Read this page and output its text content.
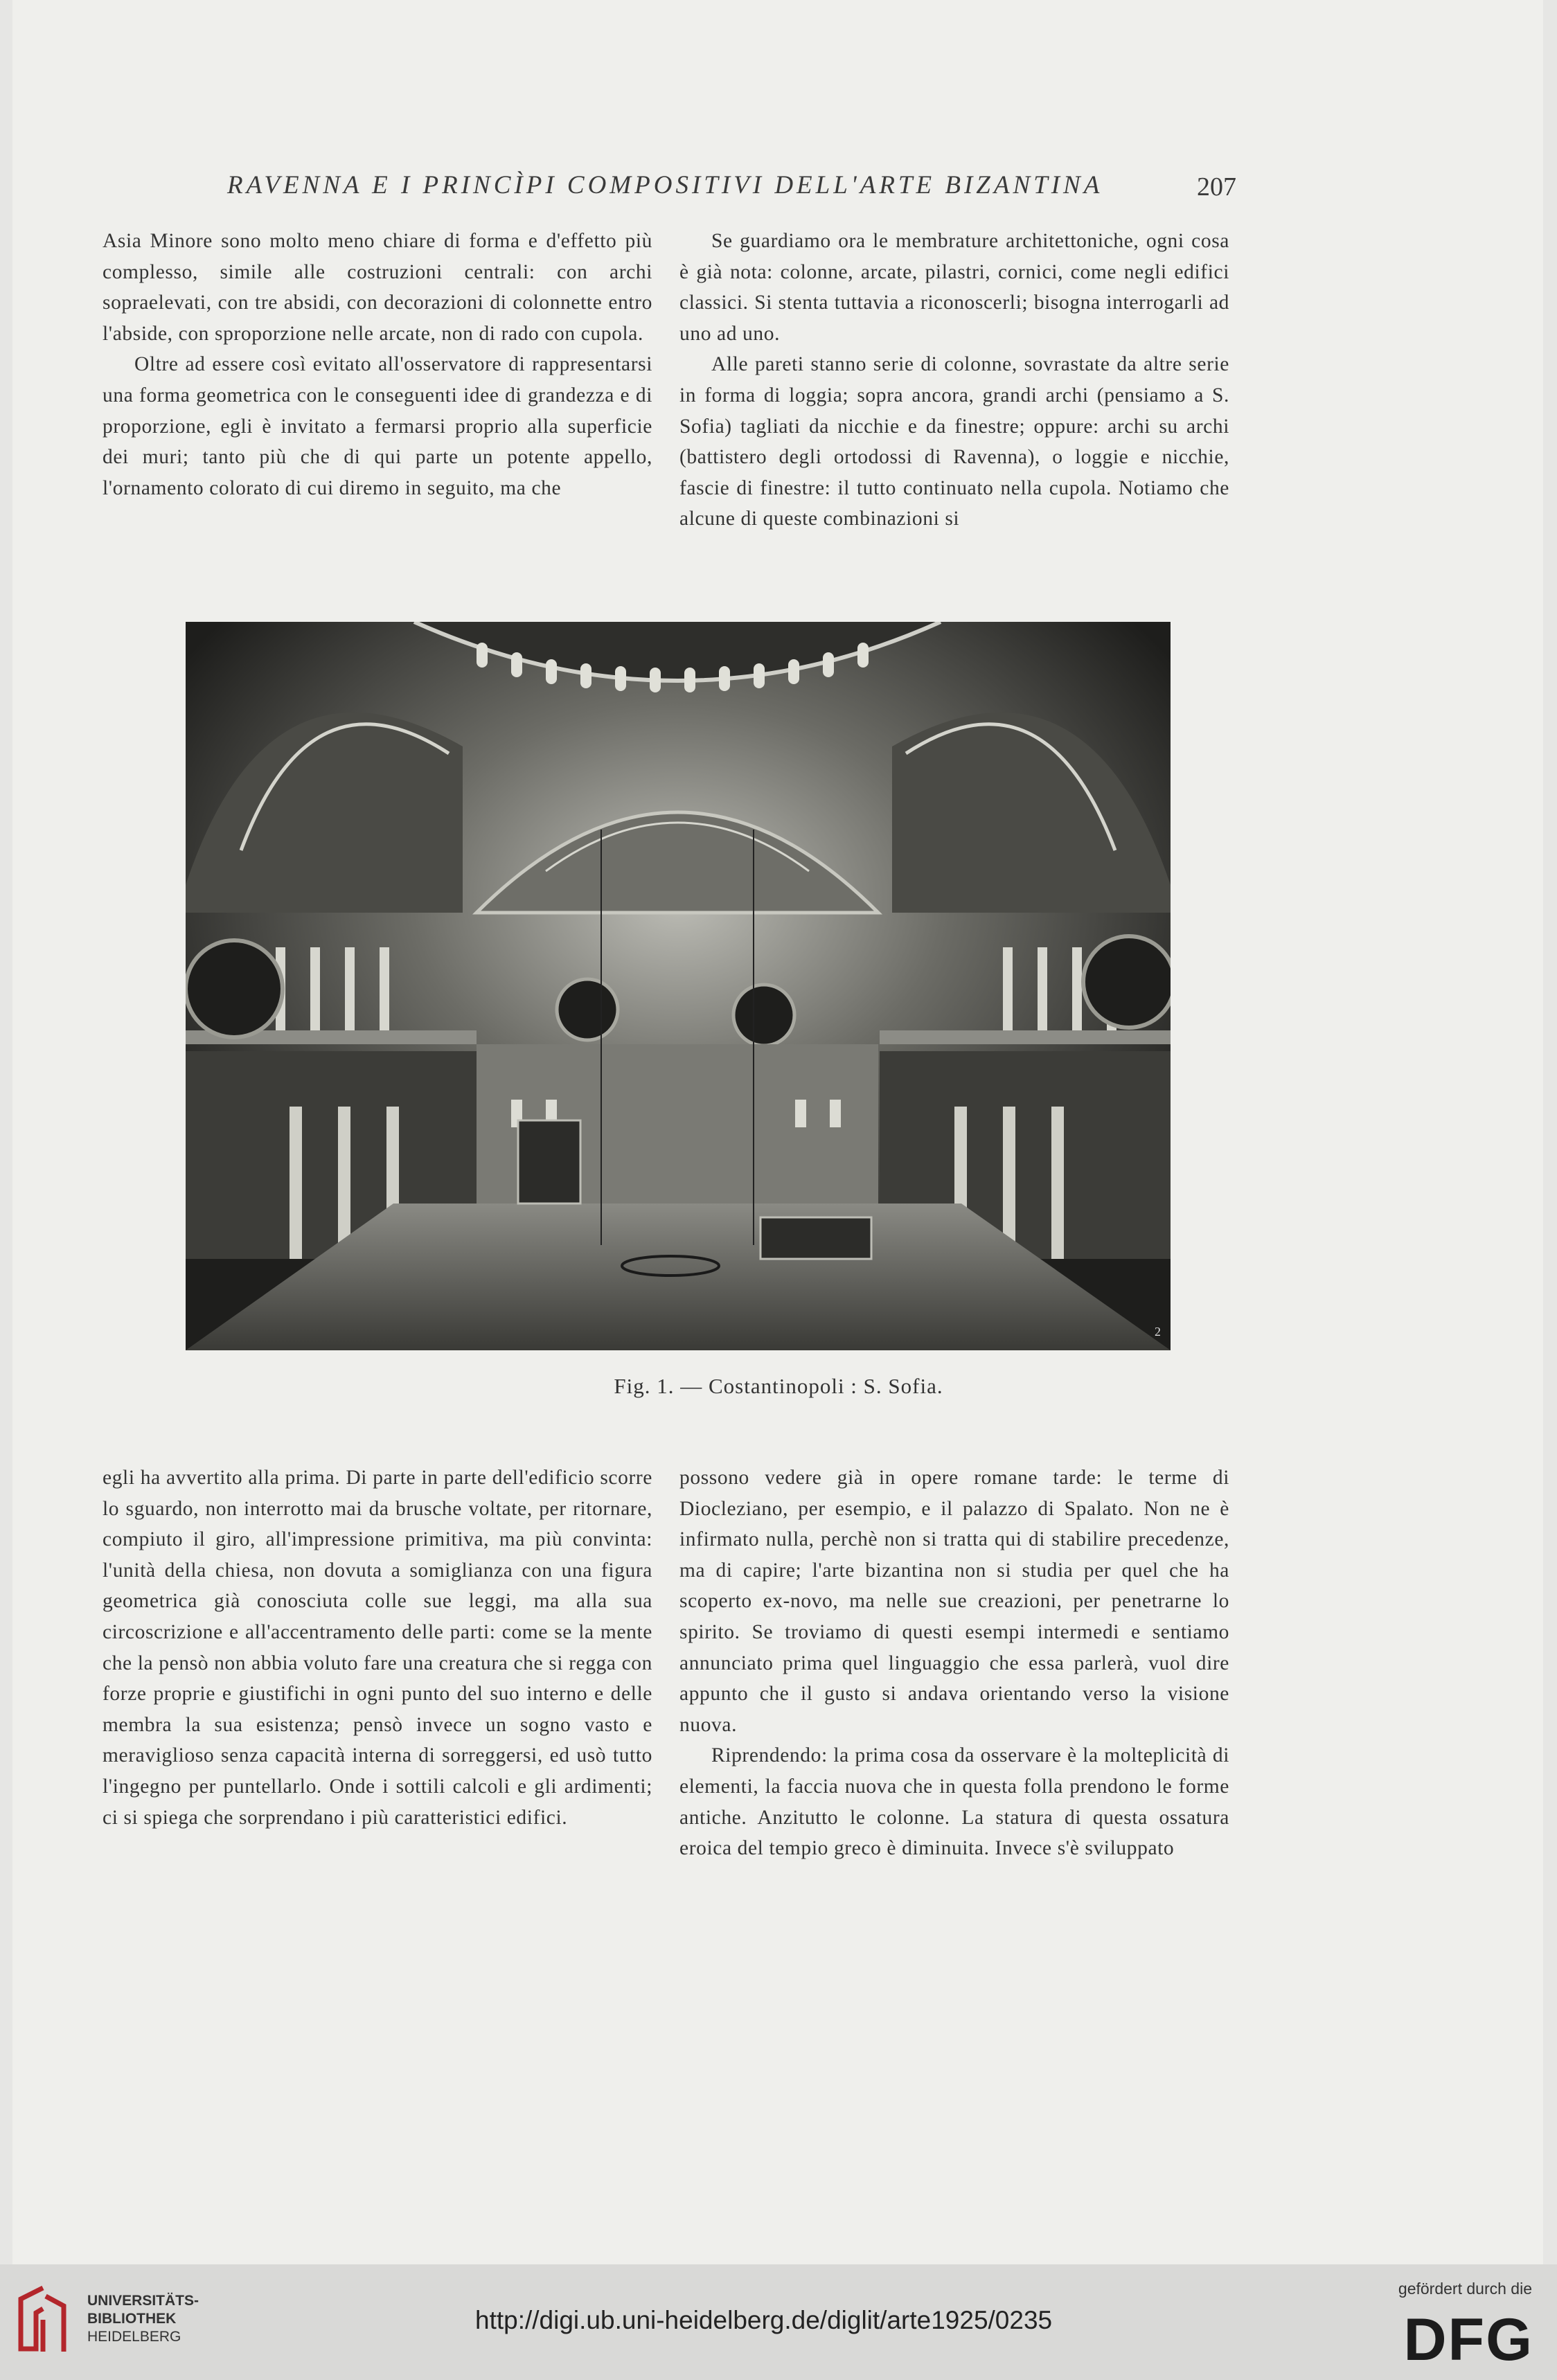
RAVENNA E I PRINCÌPI COMPOSITIVI DELL'ARTE BIZANTINA	207

Asia Minore sono molto meno chiare di forma e d'effetto più complesso, simile alle costruzioni centrali: con archi sopraelevati, con tre absidi, con decorazioni di colonnette entro l'abside, con sproporzione nelle arcate, non di rado con cupola.

Oltre ad essere così evitato all'osservatore di rappresentarsi una forma geometrica con le conseguenti idee di grandezza e di proporzione, egli è invitato a fermarsi proprio alla superficie dei muri; tanto più che di qui parte un potente appello, l'ornamento colorato di cui diremo in seguito, ma che

Se guardiamo ora le membrature architettoniche, ogni cosa è già nota: colonne, arcate, pilastri, cornici, come negli edifici classici. Si stenta tuttavia a riconoscerli; bisogna interrogarli ad uno ad uno.

Alle pareti stanno serie di colonne, sovrastate da altre serie in forma di loggia; sopra ancora, grandi archi (pensiamo a S. Sofia) tagliati da nicchie e da finestre; oppure: archi su archi (battistero degli ortodossi di Ravenna), o loggie e nicchie, fascie di finestre: il tutto continuato nella cupola. Notiamo che alcune di queste combinazioni si

2
Fig. 1. — Costantinopoli : S. Sofia.

egli ha avvertito alla prima. Di parte in parte dell'edificio scorre lo sguardo, non interrotto mai da brusche voltate, per ritornare, compiuto il giro, all'impressione primitiva, ma più convinta: l'unità della chiesa, non dovuta a somiglianza con una figura geometrica già conosciuta colle sue leggi, ma alla sua circoscrizione e all'accentramento delle parti: come se la mente che la pensò non abbia voluto fare una creatura che si regga con forze proprie e giustifichi in ogni punto del suo interno e delle membra la sua esistenza; pensò invece un sogno vasto e meraviglioso senza capacità interna di sorreggersi, ed usò tutto l'ingegno per puntellarlo. Onde i sottili calcoli e gli ardimenti; ci si spiega che sorprendano i più caratteristici edifici.

possono vedere già in opere romane tarde: le terme di Diocleziano, per esempio, e il palazzo di Spalato. Non ne è infirmato nulla, perchè non si tratta qui di stabilire precedenze, ma di capire; l'arte bizantina non si studia per quel che ha scoperto ex-novo, ma nelle sue creazioni, per penetrarne lo spirito. Se troviamo di questi esempi intermedi e sentiamo annunciato prima quel linguaggio che essa parlerà, vuol dire appunto che il gusto si andava orientando verso la visione nuova.

Riprendendo: la prima cosa da osservare è la molteplicità di elementi, la faccia nuova che in questa folla prendono le forme antiche. Anzitutto le colonne. La statura di questa ossatura eroica del tempio greco è diminuita. Invece s'è sviluppato

UNIVERSITÄTS-
BIBLIOTHEK
HEIDELBERG
http://digi.ub.uni-heidelberg.de/diglit/arte1925/0235
gefördert durch die
DFG
